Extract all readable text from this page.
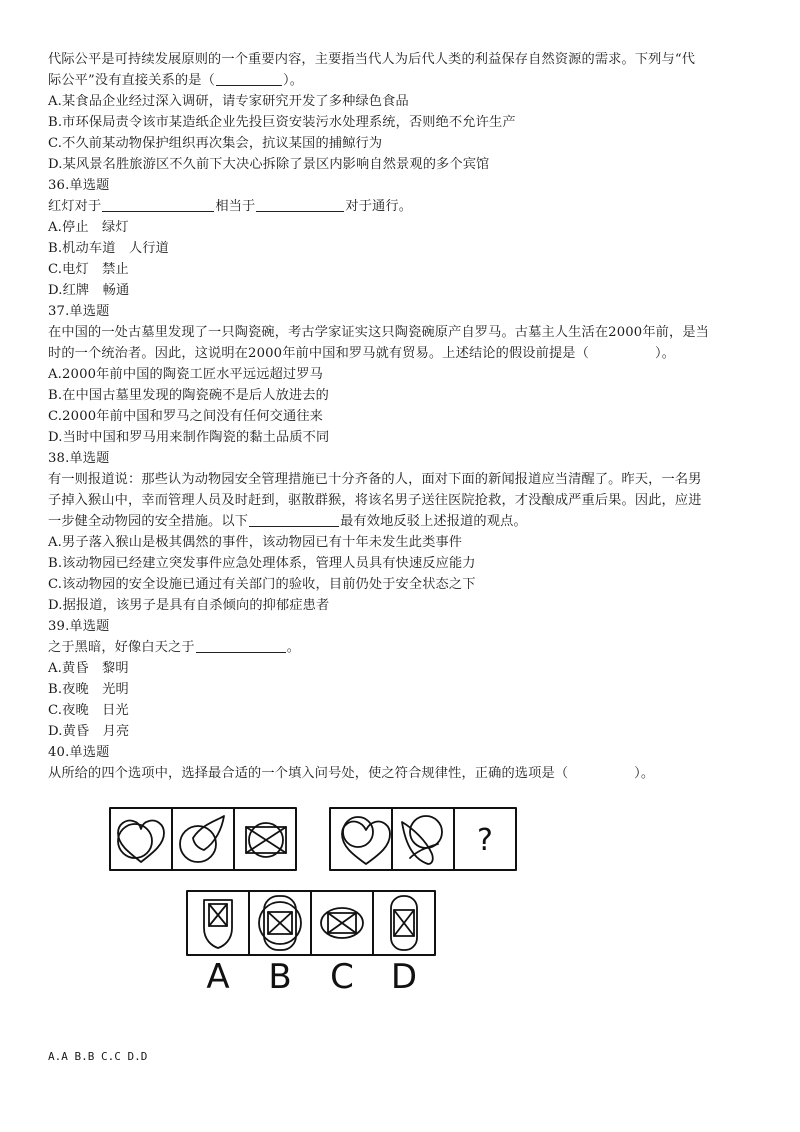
代际公平是可持续发展原则的一个重要内容，主要指当代人为后代人类的利益保存自然资源的需求。下列与“代
际公平”没有直接关系的是（	）。
A.某食品企业经过深入调研，请专家研究开发了多种绿色食品
B.市环保局责令该市某造纸企业先投巨资安装污水处理系统，否则绝不允许生产
C.不久前某动物保护组织再次集会，抗议某国的捕鲸行为
D.某风景名胜旅游区不久前下大决心拆除了景区内影响自然景观的多个宾馆
36.单选题
红灯对于	相当于	对于通行。
A.停止　绿灯
B.机动车道　人行道
C.电灯　禁止
D.红牌　畅通
37.单选题
在中国的一处古墓里发现了一只陶瓷碗，考古学家证实这只陶瓷碗原产自罗马。古墓主人生活在2000年前，是当
时的一个统治者。因此，这说明在2000年前中国和罗马就有贸易。上述结论的假设前提是（	）。
A.2000年前中国的陶瓷工匠水平远远超过罗马
B.在中国古墓里发现的陶瓷碗不是后人放进去的
C.2000年前中国和罗马之间没有任何交通往来
D.当时中国和罗马用来制作陶瓷的黏土品质不同
38.单选题
有一则报道说：那些认为动物园安全管理措施已十分齐备的人，面对下面的新闻报道应当清醒了。昨天，一名男
子掉入猴山中，幸而管理人员及时赶到，驱散群猴，将该名男子送往医院抢救，才没酿成严重后果。因此，应进
一步健全动物园的安全措施。以下	最有效地反驳上述报道的观点。
A.男子落入猴山是极其偶然的事件，该动物园已有十年未发生此类事件
B.该动物园已经建立突发事件应急处理体系，管理人员具有快速反应能力
C.该动物园的安全设施已通过有关部门的验收，目前仍处于安全状态之下
D.据报道，该男子是具有自杀倾向的抑郁症患者
39.单选题
之于黑暗，好像白天之于	。
A.黄昏　黎明
B.夜晚　光明
C.夜晚　日光
D.黄昏　月亮
40.单选题
从所给的四个选项中，选择最合适的一个填入问号处，使之符合规律性，正确的选项是（	）。
?
A B C D
A.A B.B C.C D.D
